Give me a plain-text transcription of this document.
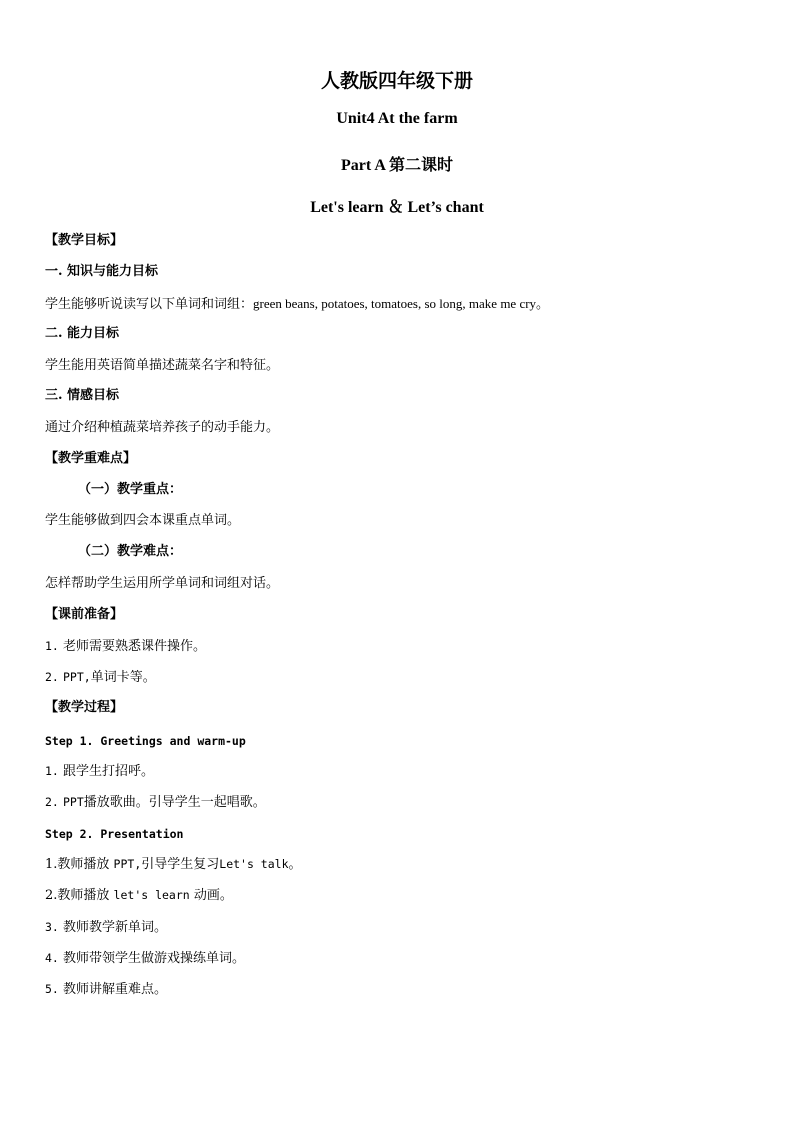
人教版四年级下册
Unit4 At the farm
Part A 第二课时
Let's learn ＆ Let’s chant
【教学目标】
一. 知识与能力目标
学生能够听说读写以下单词和词组：green beans, potatoes, tomatoes, so long, make me cry。
二. 能力目标
学生能用英语简单描述蔬菜名字和特征。
三. 情感目标
通过介绍种植蔬菜培养孩子的动手能力。
【教学重难点】
（一）教学重点：
学生能够做到四会本课重点单词。
（二）教学难点：
怎样帮助学生运用所学单词和词组对话。
【课前准备】
1. 老师需要熟悉课件操作。
2. PPT,单词卡等。
【教学过程】
Step 1. Greetings and warm-up
1. 跟学生打招呼。
2. PPT播放歌曲。引导学生一起唱歌。
Step 2. Presentation
1.教师播放 PPT,引导学生复习Let's talk。
2.教师播放 let's learn 动画。
3. 教师教学新单词。
4. 教师带领学生做游戏操练单词。
5. 教师讲解重难点。
